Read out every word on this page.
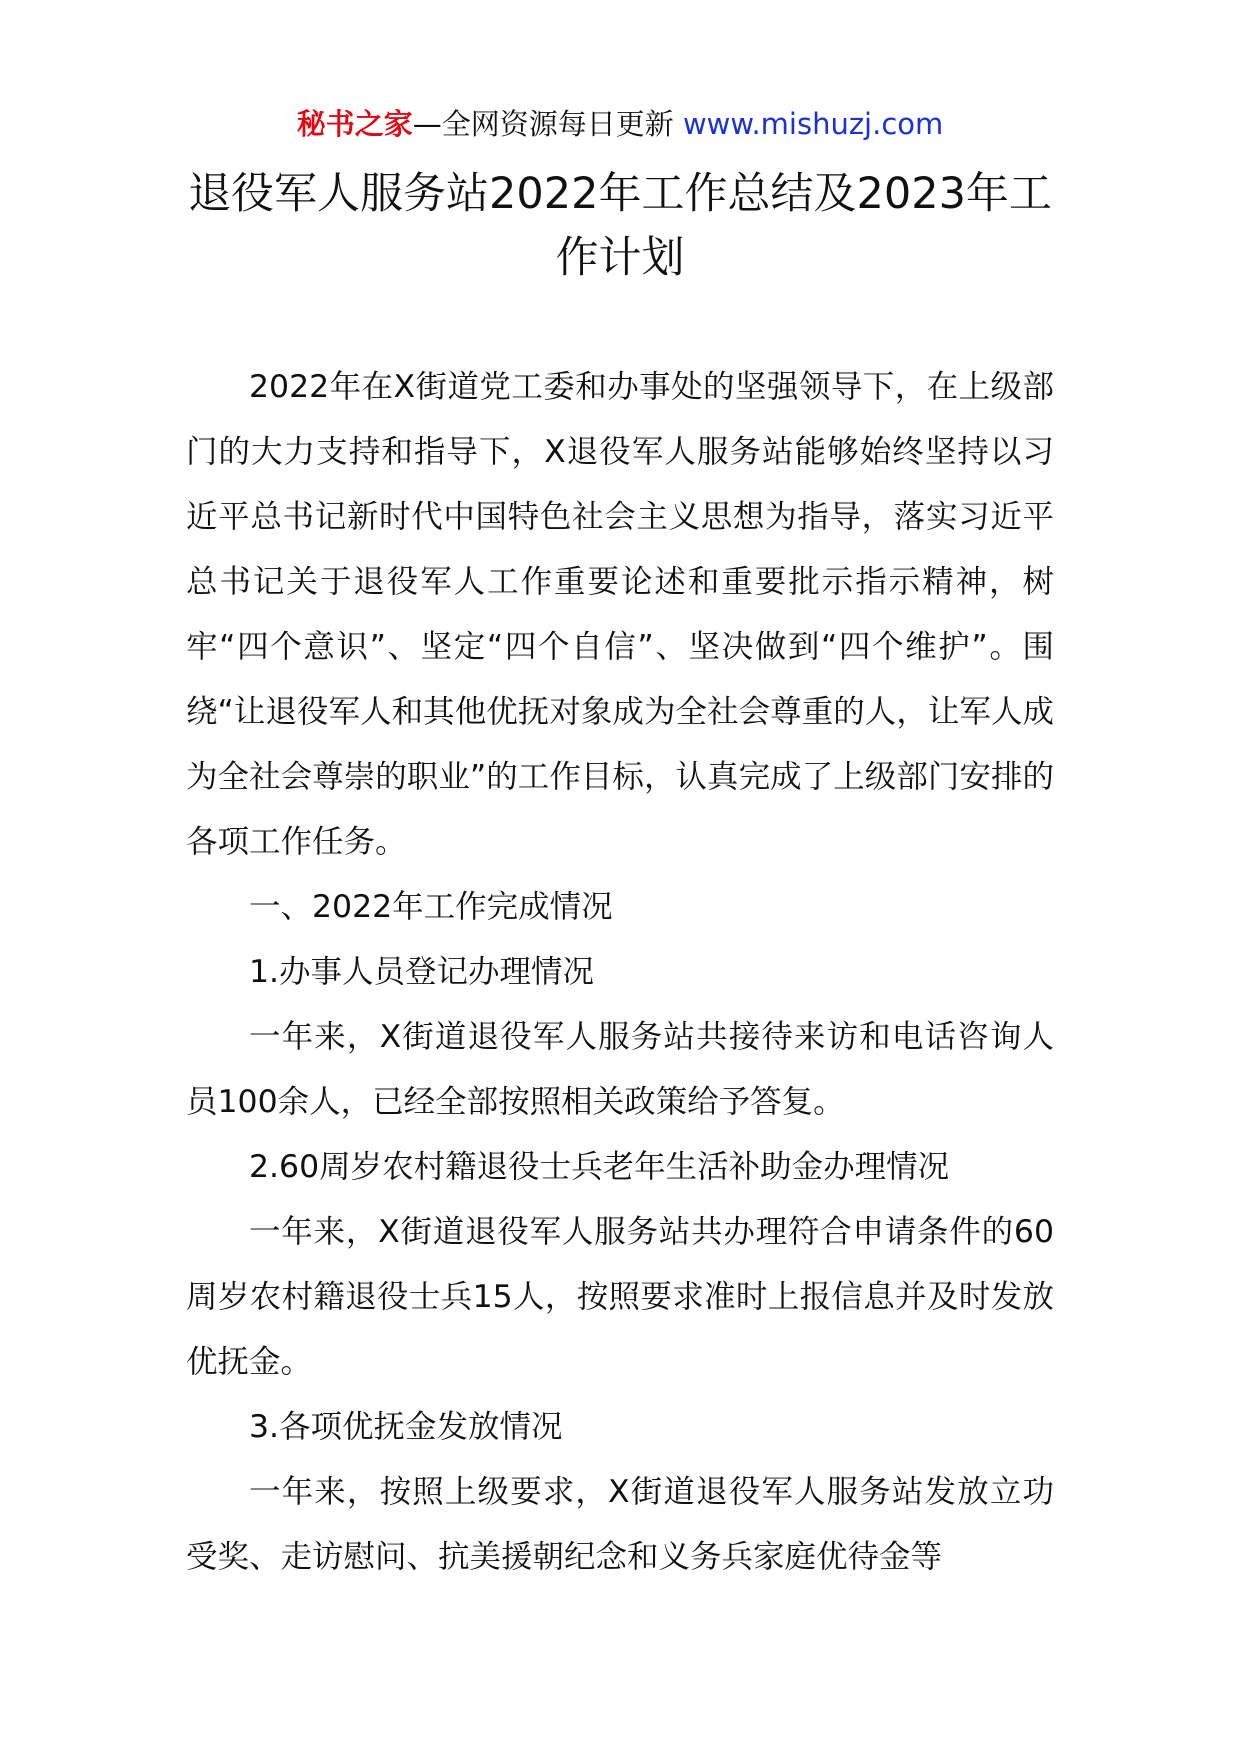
秘书之家—全网资源每日更新 www.mishuzj.com
退役军人服务站2022年工作总结及2023年工作计划

2022年在X街道党工委和办事处的坚强领导下，在上级部门的大力支持和指导下，X退役军人服务站能够始终坚持以习近平总书记新时代中国特色社会主义思想为指导，落实习近平总书记关于退役军人工作重要论述和重要批示指示精神，树牢“四个意识”、坚定“四个自信”、坚决做到“四个维护”。围绕“让退役军人和其他优抚对象成为全社会尊重的人，让军人成为全社会尊崇的职业”的工作目标，认真完成了上级部门安排的各项工作任务。

一、2022年工作完成情况

1.办事人员登记办理情况

一年来，X街道退役军人服务站共接待来访和电话咨询人员100余人，已经全部按照相关政策给予答复。

2.60周岁农村籍退役士兵老年生活补助金办理情况

一年来，X街道退役军人服务站共办理符合申请条件的60周岁农村籍退役士兵15人，按照要求准时上报信息并及时发放优抚金。

3.各项优抚金发放情况

一年来，按照上级要求，X街道退役军人服务站发放立功受奖、走访慰问、抗美援朝纪念和义务兵家庭优待金等
